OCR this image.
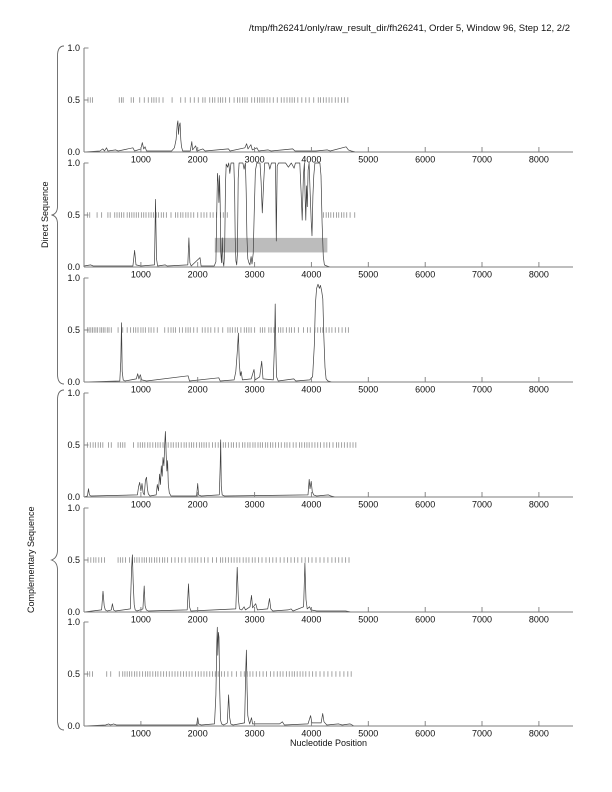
/tmp/fh26241/only/raw_result_dir/fh26241, Order 5, Window 96, Step 12, 2/2
Direct Sequence
Complementary Sequence
1000	2000	3000	4000	5000	6000	7000	8000
1.0
0.5
0.0
1000	2000	3000	4000	5000	6000	7000	8000
1.0
0.5
0.0
1000	2000	3000	4000	5000	6000	7000	8000
1.0
0.5
0.0
1000	2000	3000	4000	5000	6000	7000	8000
1.0
0.5
0.0
1000	2000	3000	4000	5000	6000	7000	8000
1.0
0.5
0.0
1000	2000	3000	4000	5000	6000	7000	8000
1.0
0.5
0.0
Nucleotide Position
